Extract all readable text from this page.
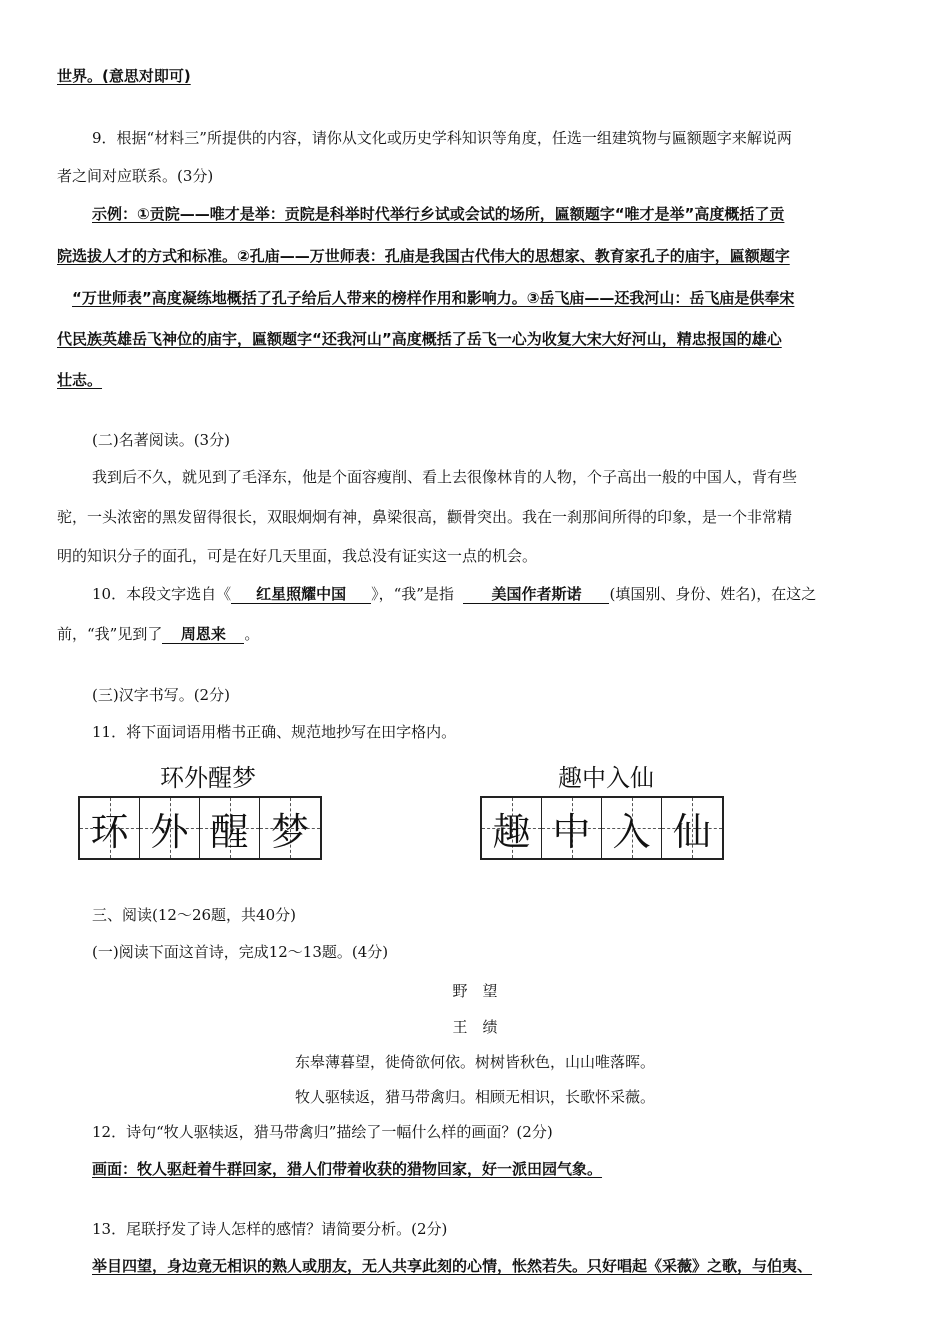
世界。(意思对即可)
9．根据“材料三”所提供的内容，请你从文化或历史学科知识等角度，任选一组建筑物与匾额题字来解说两
者之间对应联系。(3分)
示例：①贡院——唯才是举：贡院是科举时代举行乡试或会试的场所，匾额题字“唯才是举”高度概括了贡
院选拔人才的方式和标准。②孔庙——万世师表：孔庙是我国古代伟大的思想家、教育家孔子的庙宇，匾额题字
“万世师表”高度凝练地概括了孔子给后人带来的榜样作用和影响力。③岳飞庙——还我河山：岳飞庙是供奉宋
代民族英雄岳飞神位的庙宇，匾额题字“还我河山”高度概括了岳飞一心为收复大宋大好河山，精忠报国的雄心
壮志。
(二)名著阅读。(3分)
我到后不久，就见到了毛泽东，他是个面容瘦削、看上去很像林肯的人物，个子高出一般的中国人，背有些
驼，一头浓密的黑发留得很长，双眼炯炯有神，鼻梁很高，颧骨突出。我在一刹那间所得的印象，是一个非常精
明的知识分子的面孔，可是在好几天里面，我总没有证实这一点的机会。
10．本段文字选自《 红星照耀中国 》，“我”是指	美国作者斯诺 (填国别、身份、姓名)，在这之
前，“我”见到了 周恩来 。
(三)汉字书写。(2分)
11．将下面词语用楷书正确、规范地抄写在田字格内。
环外醒梦
环 外 醒 梦
趣中入仙
趣 中 入 仙
三、阅读(12～26题，共40分)
(一)阅读下面这首诗，完成12～13题。(4分)
野　望
王　绩
东皋薄暮望，徙倚欲何依。树树皆秋色，山山唯落晖。
牧人驱犊返，猎马带禽归。相顾无相识，长歌怀采薇。
12．诗句“牧人驱犊返，猎马带禽归”描绘了一幅什么样的画面？(2分)
画面：牧人驱赶着牛群回家，猎人们带着收获的猎物回家，好一派田园气象。
13．尾联抒发了诗人怎样的感情？请简要分析。(2分)
举目四望，身边竟无相识的熟人或朋友，无人共享此刻的心情，怅然若失。只好唱起《采薇》之歌，与伯夷、
